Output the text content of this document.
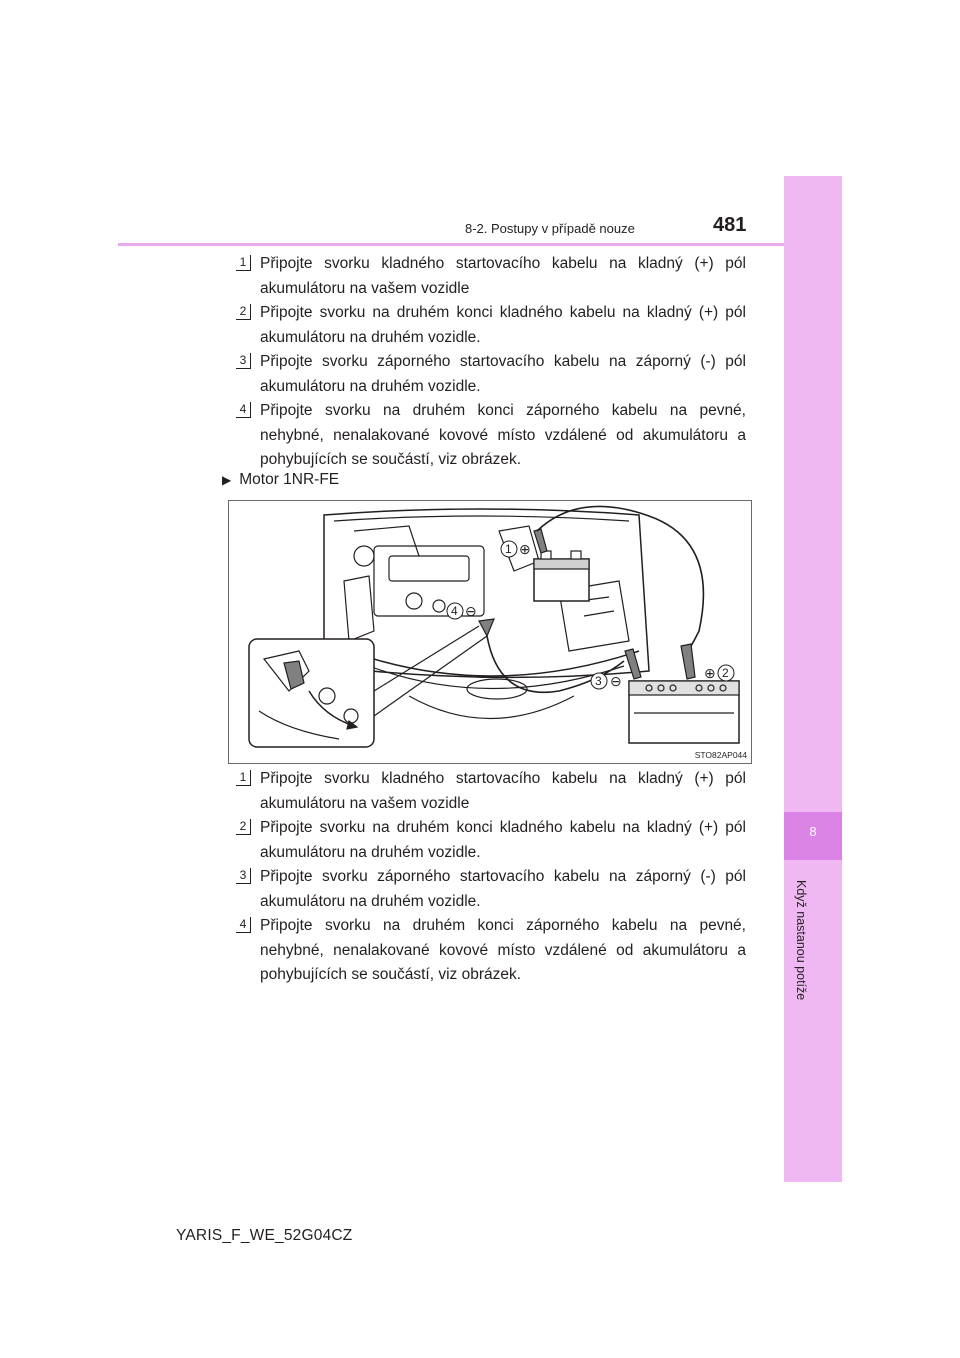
8
Když nastanou potíže
8-2. Postupy v případě nouze	481
1 Připojte svorku kladného startovacího kabelu na kladný (+) pól akumulátoru na vašem vozidle
2 Připojte svorku na druhém konci kladného kabelu na kladný (+) pól akumulátoru na druhém vozidle.
3 Připojte svorku záporného startovacího kabelu na záporný (-) pól akumulátoru na druhém vozidle.
4 Připojte svorku na druhém konci záporného kabelu na pevné, nehybné, nenalakované kovové místo vzdálené od akumulátoru a pohybujících se součástí, viz obrázek.
▶ Motor 1NR-FE
1 ⊕
4 ⊖
3 ⊖	2
⊕
STO82AP044
1 Připojte svorku kladného startovacího kabelu na kladný (+) pól akumulátoru na vašem vozidle
2 Připojte svorku na druhém konci kladného kabelu na kladný (+) pól akumulátoru na druhém vozidle.
3 Připojte svorku záporného startovacího kabelu na záporný (-) pól akumulátoru na druhém vozidle.
4 Připojte svorku na druhém konci záporného kabelu na pevné, nehybné, nenalakované kovové místo vzdálené od akumulátoru a pohybujících se součástí, viz obrázek.
YARIS_F_WE_52G04CZ
